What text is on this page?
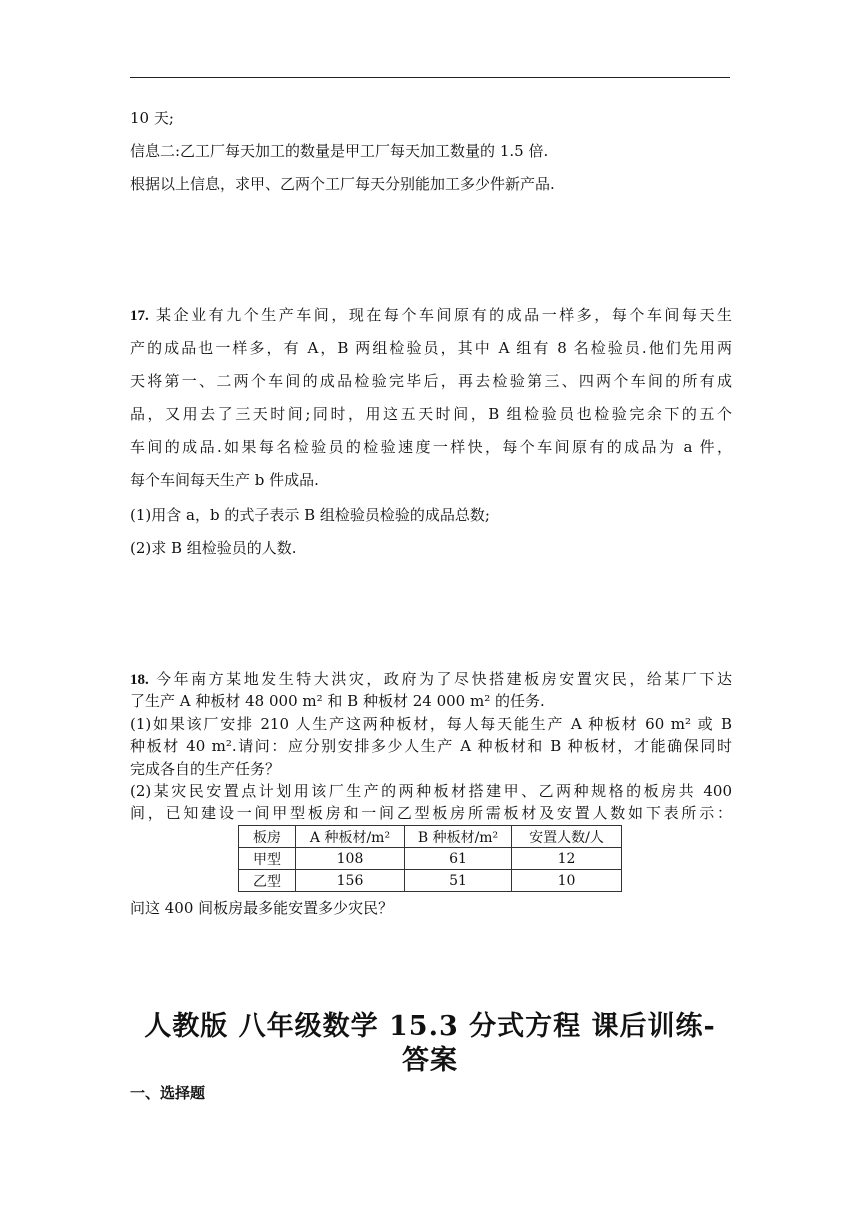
10 天;
信息二:乙工厂每天加工的数量是甲工厂每天加工数量的 1.5 倍.
根据以上信息，求甲、乙两个工厂每天分别能加工多少件新产品.
17. 某企业有九个生产车间，现在每个车间原有的成品一样多，每个车间每天生
产的成品也一样多，有 A，B 两组检验员，其中 A 组有 8 名检验员.他们先用两
天将第一、二两个车间的成品检验完毕后，再去检验第三、四两个车间的所有成
品，又用去了三天时间;同时，用这五天时间，B 组检验员也检验完余下的五个
车间的成品.如果每名检验员的检验速度一样快，每个车间原有的成品为 a 件，
每个车间每天生产 b 件成品.
(1)用含 a，b 的式子表示 B 组检验员检验的成品总数;
(2)求 B 组检验员的人数.
18. 今年南方某地发生特大洪灾，政府为了尽快搭建板房安置灾民，给某厂下达
了生产 A 种板材 48 000 m² 和 B 种板材 24 000 m² 的任务.
(1)如果该厂安排 210 人生产这两种板材，每人每天能生产 A 种板材 60 m² 或 B
种板材 40 m².请问：应分别安排多少人生产 A 种板材和 B 种板材，才能确保同时
完成各自的生产任务？
(2)某灾民安置点计划用该厂生产的两种板材搭建甲、乙两种规格的板房共 400
间，已知建设一间甲型板房和一间乙型板房所需板材及安置人数如下表所示：
板房	A 种板材/m²	B 种板材/m²	安置人数/人
甲型	108	61	12
乙型	156	51	10
问这 400 间板房最多能安置多少灾民？
人教版 八年级数学 15.3 分式方程 课后训练-
答案
一、选择题
